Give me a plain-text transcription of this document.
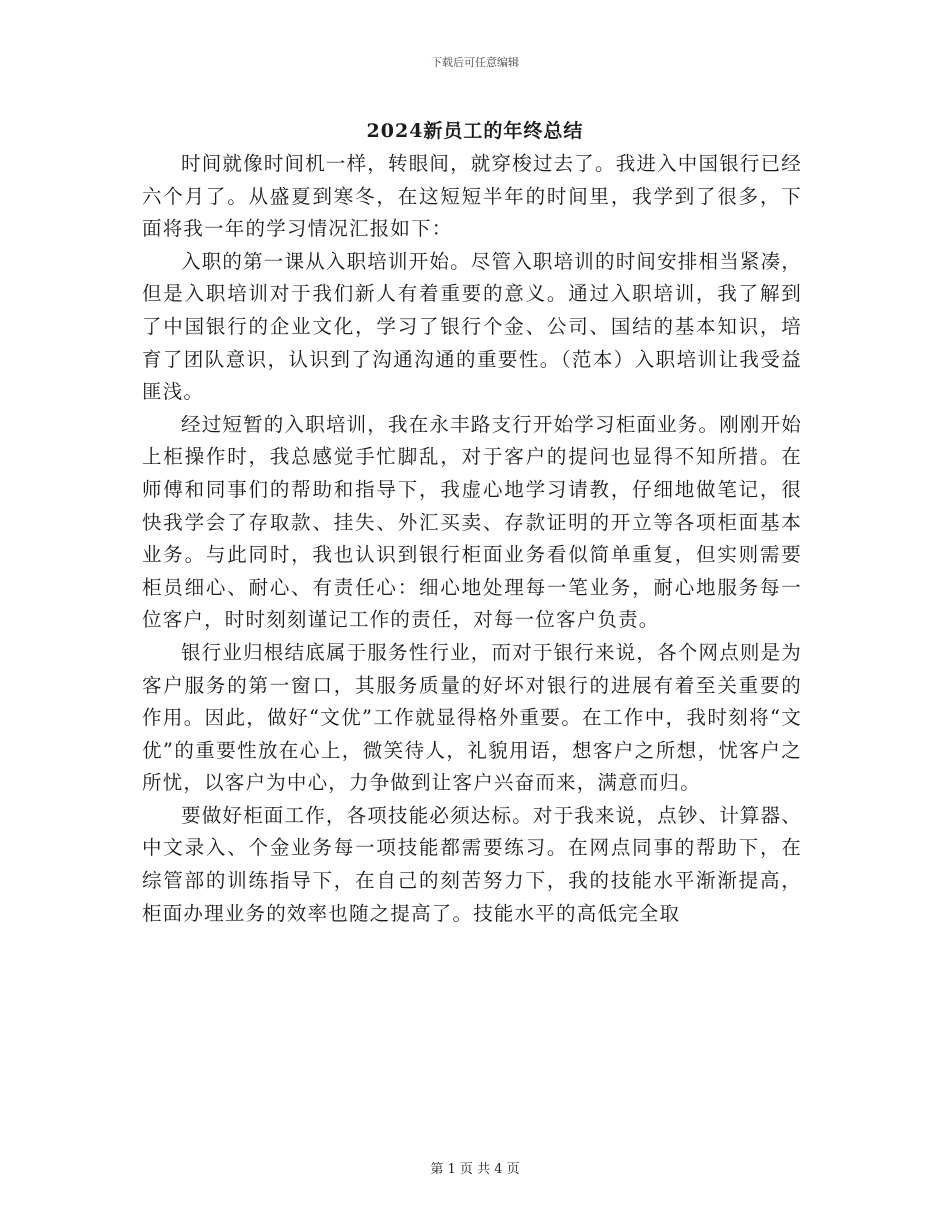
下载后可任意编辑
2024新员工的年终总结

时间就像时间机一样，转眼间，就穿梭过去了。我进入中国银行已经六个月了。从盛夏到寒冬，在这短短半年的时间里，我学到了很多，下面将我一年的学习情况汇报如下：

入职的第一课从入职培训开始。尽管入职培训的时间安排相当紧凑，但是入职培训对于我们新人有着重要的意义。通过入职培训，我了解到了中国银行的企业文化，学习了银行个金、公司、国结的基本知识，培育了团队意识，认识到了沟通沟通的重要性。（范本）入职培训让我受益匪浅。

经过短暂的入职培训，我在永丰路支行开始学习柜面业务。刚刚开始上柜操作时，我总感觉手忙脚乱，对于客户的提问也显得不知所措。在师傅和同事们的帮助和指导下，我虚心地学习请教，仔细地做笔记，很快我学会了存取款、挂失、外汇买卖、存款证明的开立等各项柜面基本业务。与此同时，我也认识到银行柜面业务看似简单重复，但实则需要柜员细心、耐心、有责任心：细心地处理每一笔业务，耐心地服务每一位客户，时时刻刻谨记工作的责任，对每一位客户负责。

银行业归根结底属于服务性行业，而对于银行来说，各个网点则是为客户服务的第一窗口，其服务质量的好坏对银行的进展有着至关重要的作用。因此，做好“文优”工作就显得格外重要。在工作中，我时刻将“文优”的重要性放在心上，微笑待人，礼貌用语，想客户之所想，忧客户之所忧，以客户为中心，力争做到让客户兴奋而来，满意而归。

要做好柜面工作，各项技能必须达标。对于我来说，点钞、计算器、中文录入、个金业务每一项技能都需要练习。在网点同事的帮助下，在综管部的训练指导下，在自己的刻苦努力下，我的技能水平渐渐提高，柜面办理业务的效率也随之提高了。技能水平的高低完全取

第 1 页 共 4 页
